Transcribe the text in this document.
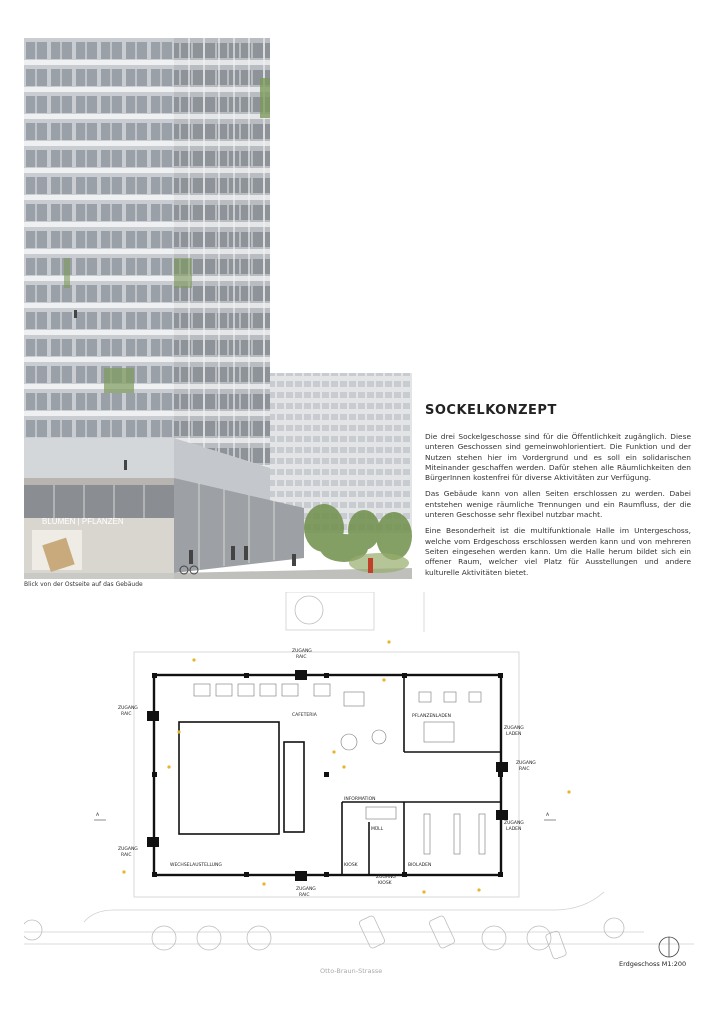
BLUMEN | PFLANZEN
Blick von der Ostseite auf das Gebäude
SOCKELKONZEPT

Die drei Sockelgeschosse sind für die Öffentlichkeit zugänglich. Diese unteren Geschossen sind gemeinwohlorientiert. Die Funktion und der Nutzen stehen hier im Vordergrund und es soll ein solidarischen Miteinander geschaffen werden. Dafür stehen alle Räumlichkeiten den BürgerInnen kostenfrei für diverse Aktivitäten zur Verfügung.

Das Gebäude kann von allen Seiten erschlossen zu werden. Dabei entstehen wenige räumliche Trennungen und ein Raumfluss, der die unteren Geschosse sehr flexibel nutzbar macht.

Eine Besonderheit ist die multifunktionale Halle im Untergeschoss, welche vom Erdgeschoss erschlossen werden kann und von mehreren Seiten eingesehen werden kann. Um die Halle herum bildet sich ein offener Raum, welcher viel Platz für Ausstellungen und andere kulturelle Aktivitäten bietet.

ZUGANG
RAIC
ZUGANG
RAIC
ZUGANG
RAIC
ZUGANG
RAIC
ZUGANG
LADEN
ZUGANG
RAIC
ZUGANG
LADEN
CAFETERIA	PFLANZENLADEN
INFORMATION
MÜLL
KIOSK	BIOLADEN
WECHSELAUSTELLUNG
ZUGANG
KIOSK
A	A
Otto-Braun-Strasse
Erdgeschoss M1:200
